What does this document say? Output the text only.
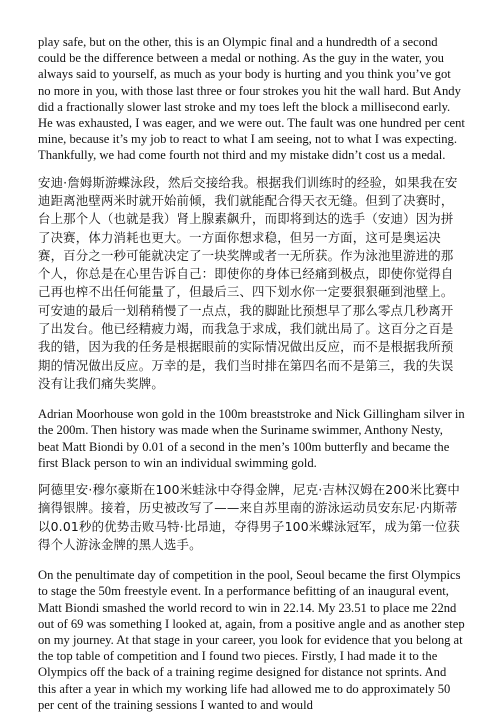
play safe, but on the other, this is an Olympic final and a hundredth of a second could be the difference between a medal or nothing. As the guy in the water, you always said to yourself, as much as your body is hurting and you think you’ve got no more in you, with those last three or four strokes you hit the wall hard. But Andy did a fractionally slower last stroke and my toes left the block a millisecond early. He was exhausted, I was eager, and we were out. The fault was one hundred per cent mine, because it’s my job to react to what I am seeing, not to what I was expecting. Thankfully, we had come fourth not third and my mistake didn’t cost us a medal.

安迪·詹姆斯游蝶泳段，然后交接给我。根据我们训练时的经验，如果我在安迪距离池壁两米时就开始前倾，我们就能配合得天衣无缝。但到了决赛时，台上那个人（也就是我）肾上腺素飙升，而即将到达的选手（安迪）因为拼了决赛，体力消耗也更大。一方面你想求稳，但另一方面，这可是奥运决赛，百分之一秒可能就决定了一块奖牌或者一无所获。作为泳池里游进的那个人，你总是在心里告诉自己：即使你的身体已经痛到极点，即使你觉得自己再也榨不出任何能量了，但最后三、四下划水你一定要狠狠砸到池壁上。可安迪的最后一划稍稍慢了一点点，我的脚趾比预想早了那么零点几秒离开了出发台。他已经精疲力竭，而我急于求成，我们就出局了。这百分之百是我的错，因为我的任务是根据眼前的实际情况做出反应，而不是根据我所预期的情况做出反应。万幸的是，我们当时排在第四名而不是第三，我的失误没有让我们痛失奖牌。

Adrian Moorhouse won gold in the 100m breaststroke and Nick Gillingham silver in the 200m. Then history was made when the Suriname swimmer, Anthony Nesty, beat Matt Biondi by 0.01 of a second in the men’s 100m butterfly and became the first Black person to win an individual swimming gold.

阿德里安·穆尔豪斯在100米蛙泳中夺得金牌，尼克·吉林汉姆在200米比赛中摘得银牌。接着，历史被改写了——来自苏里南的游泳运动员安东尼·内斯蒂以0.01秒的优势击败马特·比昂迪，夺得男子100米蝶泳冠军，成为第一位获得个人游泳金牌的黑人选手。

On the penultimate day of competition in the pool, Seoul became the first Olympics to stage the 50m freestyle event. In a performance befitting of an inaugural event, Matt Biondi smashed the world record to win in 22.14. My 23.51 to place me 22nd out of 69 was something I looked at, again, from a positive angle and as another step on my journey. At that stage in your career, you look for evidence that you belong at the top table of competition and I found two pieces. Firstly, I had made it to the Olympics off the back of a training regime designed for distance not sprints. And this after a year in which my working life had allowed me to do approximately 50 per cent of the training sessions I wanted to and would
